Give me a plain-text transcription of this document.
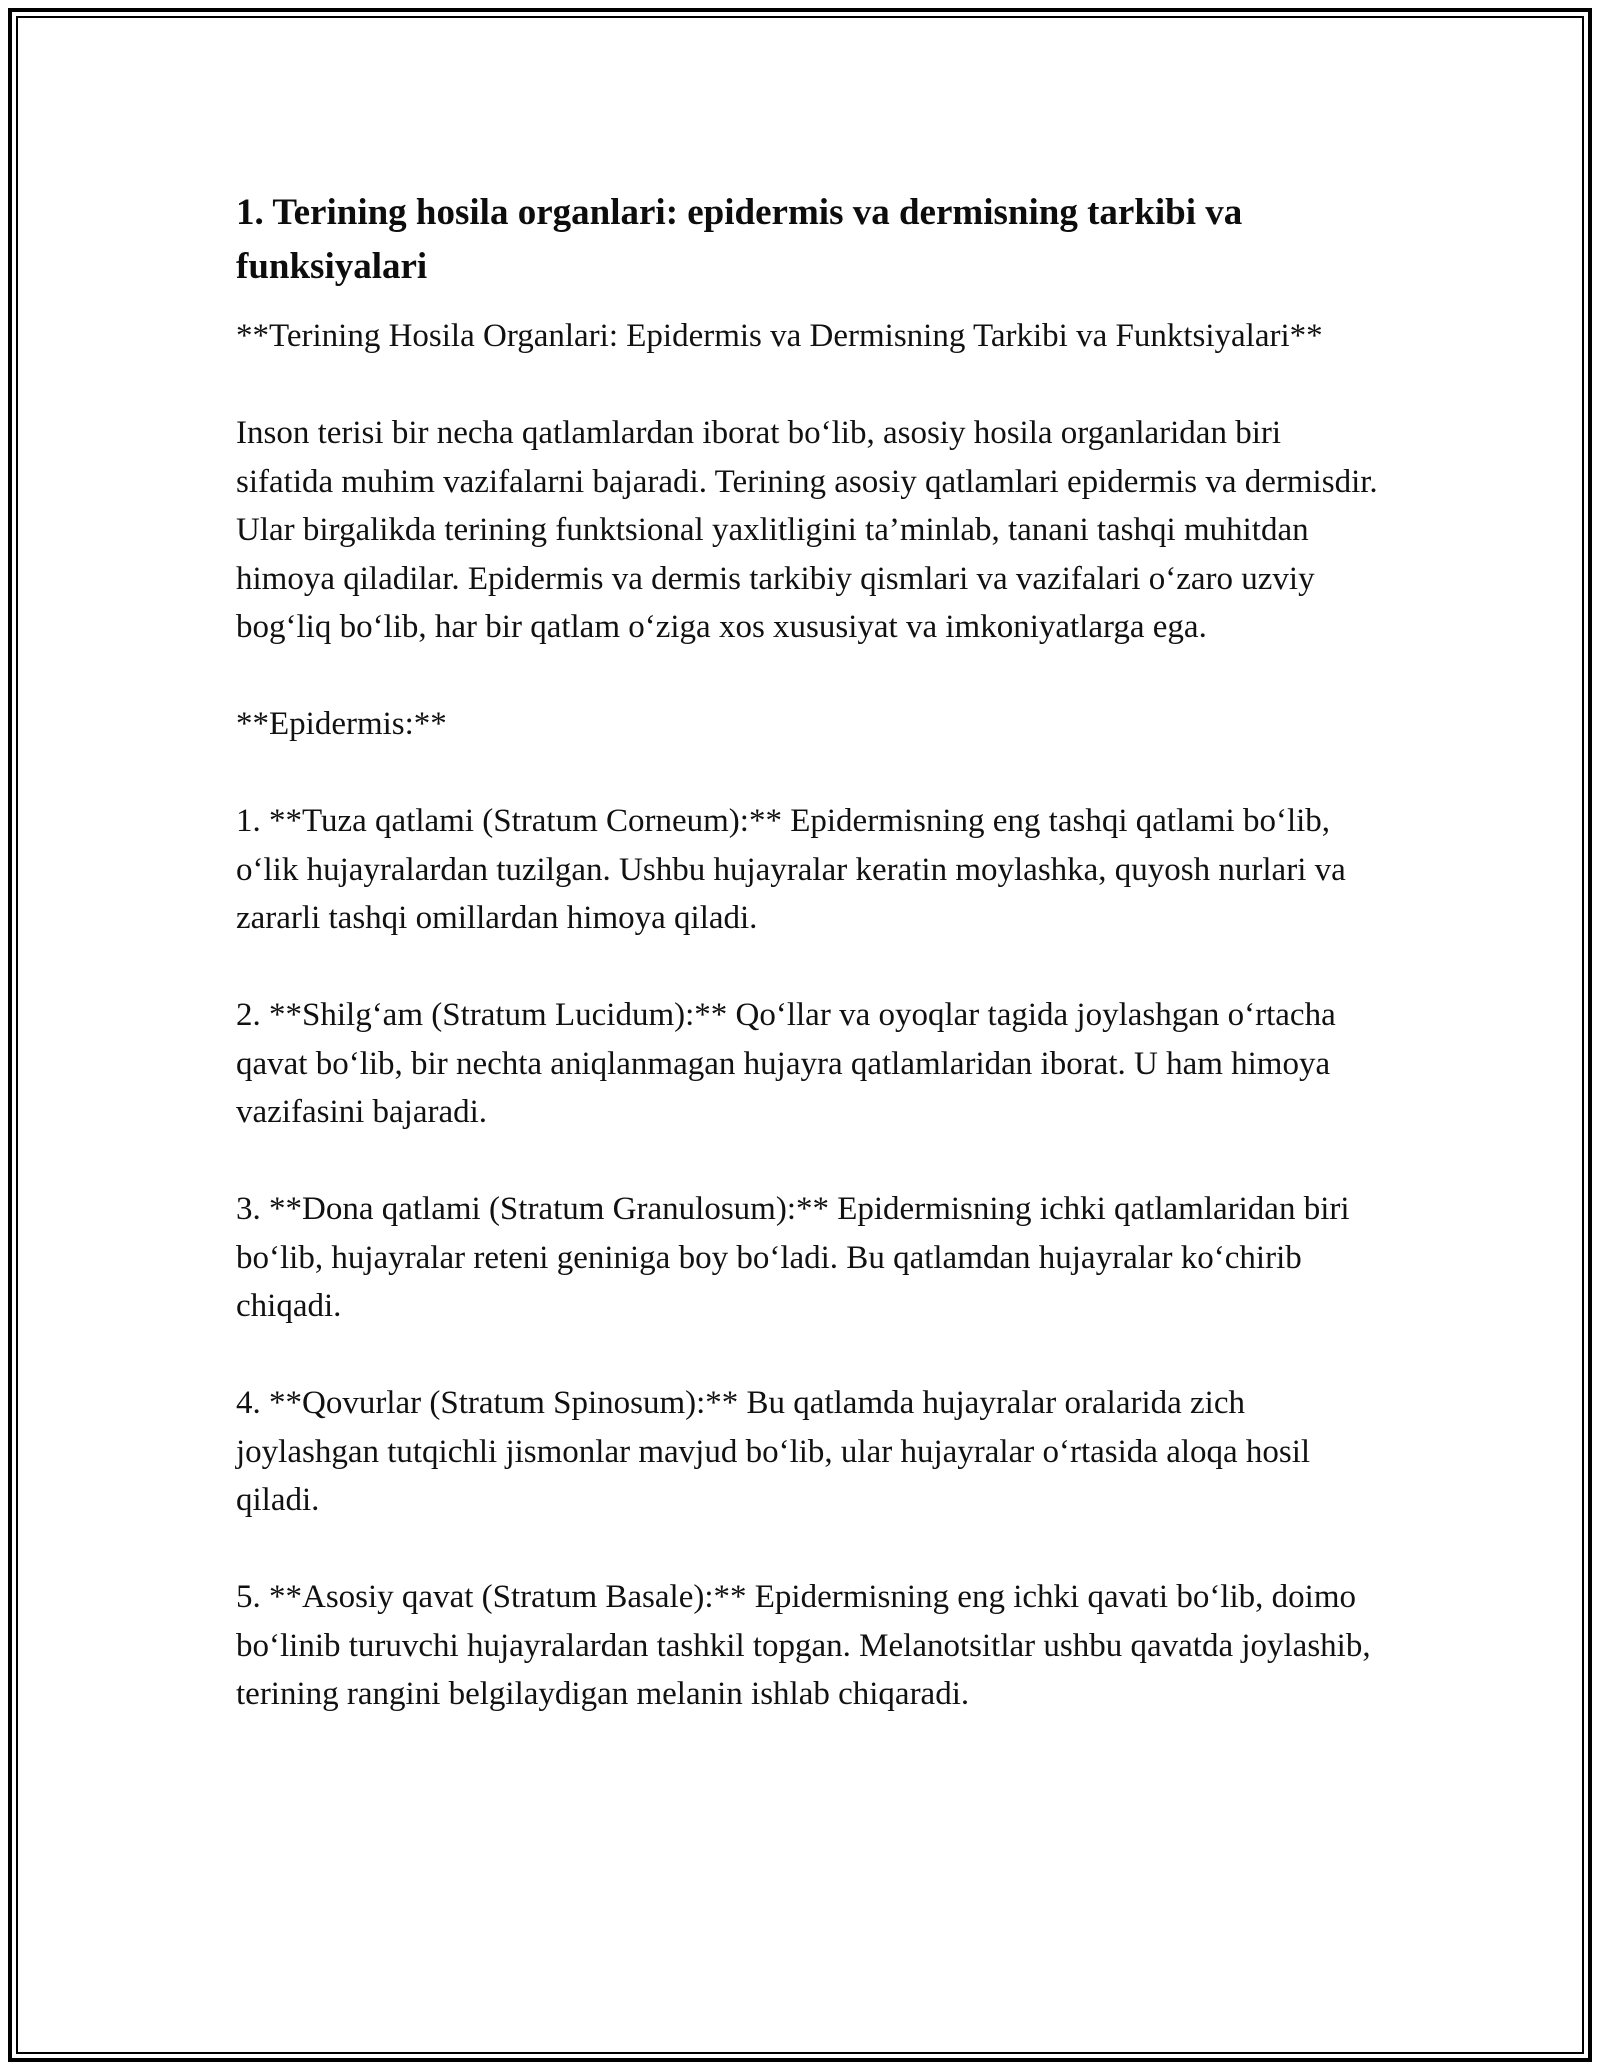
1. Terining hosila organlari: epidermis va dermisning tarkibi va funksiyalari

**Terining Hosila Organlari: Epidermis va Dermisning Tarkibi va Funktsiyalari**

Inson terisi bir necha qatlamlardan iborat bo‘lib, asosiy hosila organlaridan biri sifatida muhim vazifalarni bajaradi. Terining asosiy qatlamlari epidermis va dermisdir. Ular birgalikda terining funktsional yaxlitligini ta’minlab, tanani tashqi muhitdan himoya qiladilar. Epidermis va dermis tarkibiy qismlari va vazifalari o‘zaro uzviy bog‘liq bo‘lib, har bir qatlam o‘ziga xos xususiyat va imkoniyatlarga ega.

**Epidermis:**

1. **Tuza qatlami (Stratum Corneum):** Epidermisning eng tashqi qatlami bo‘lib, o‘lik hujayralardan tuzilgan. Ushbu hujayralar keratin moylashka, quyosh nurlari va zararli tashqi omillardan himoya qiladi.

2. **Shilg‘am (Stratum Lucidum):** Qo‘llar va oyoqlar tagida joylashgan o‘rtacha qavat bo‘lib, bir nechta aniqlanmagan hujayra qatlamlaridan iborat. U ham himoya vazifasini bajaradi.

3. **Dona qatlami (Stratum Granulosum):** Epidermisning ichki qatlamlaridan biri bo‘lib, hujayralar reteni geniniga boy bo‘ladi. Bu qatlamdan hujayralar ko‘chirib chiqadi.

4. **Qovurlar (Stratum Spinosum):** Bu qatlamda hujayralar oralarida zich joylashgan tutqichli jismonlar mavjud bo‘lib, ular hujayralar o‘rtasida aloqa hosil qiladi.

5. **Asosiy qavat (Stratum Basale):** Epidermisning eng ichki qavati bo‘lib, doimo bo‘linib turuvchi hujayralardan tashkil topgan. Melanotsitlar ushbu qavatda joylashib, terining rangini belgilaydigan melanin ishlab chiqaradi.
